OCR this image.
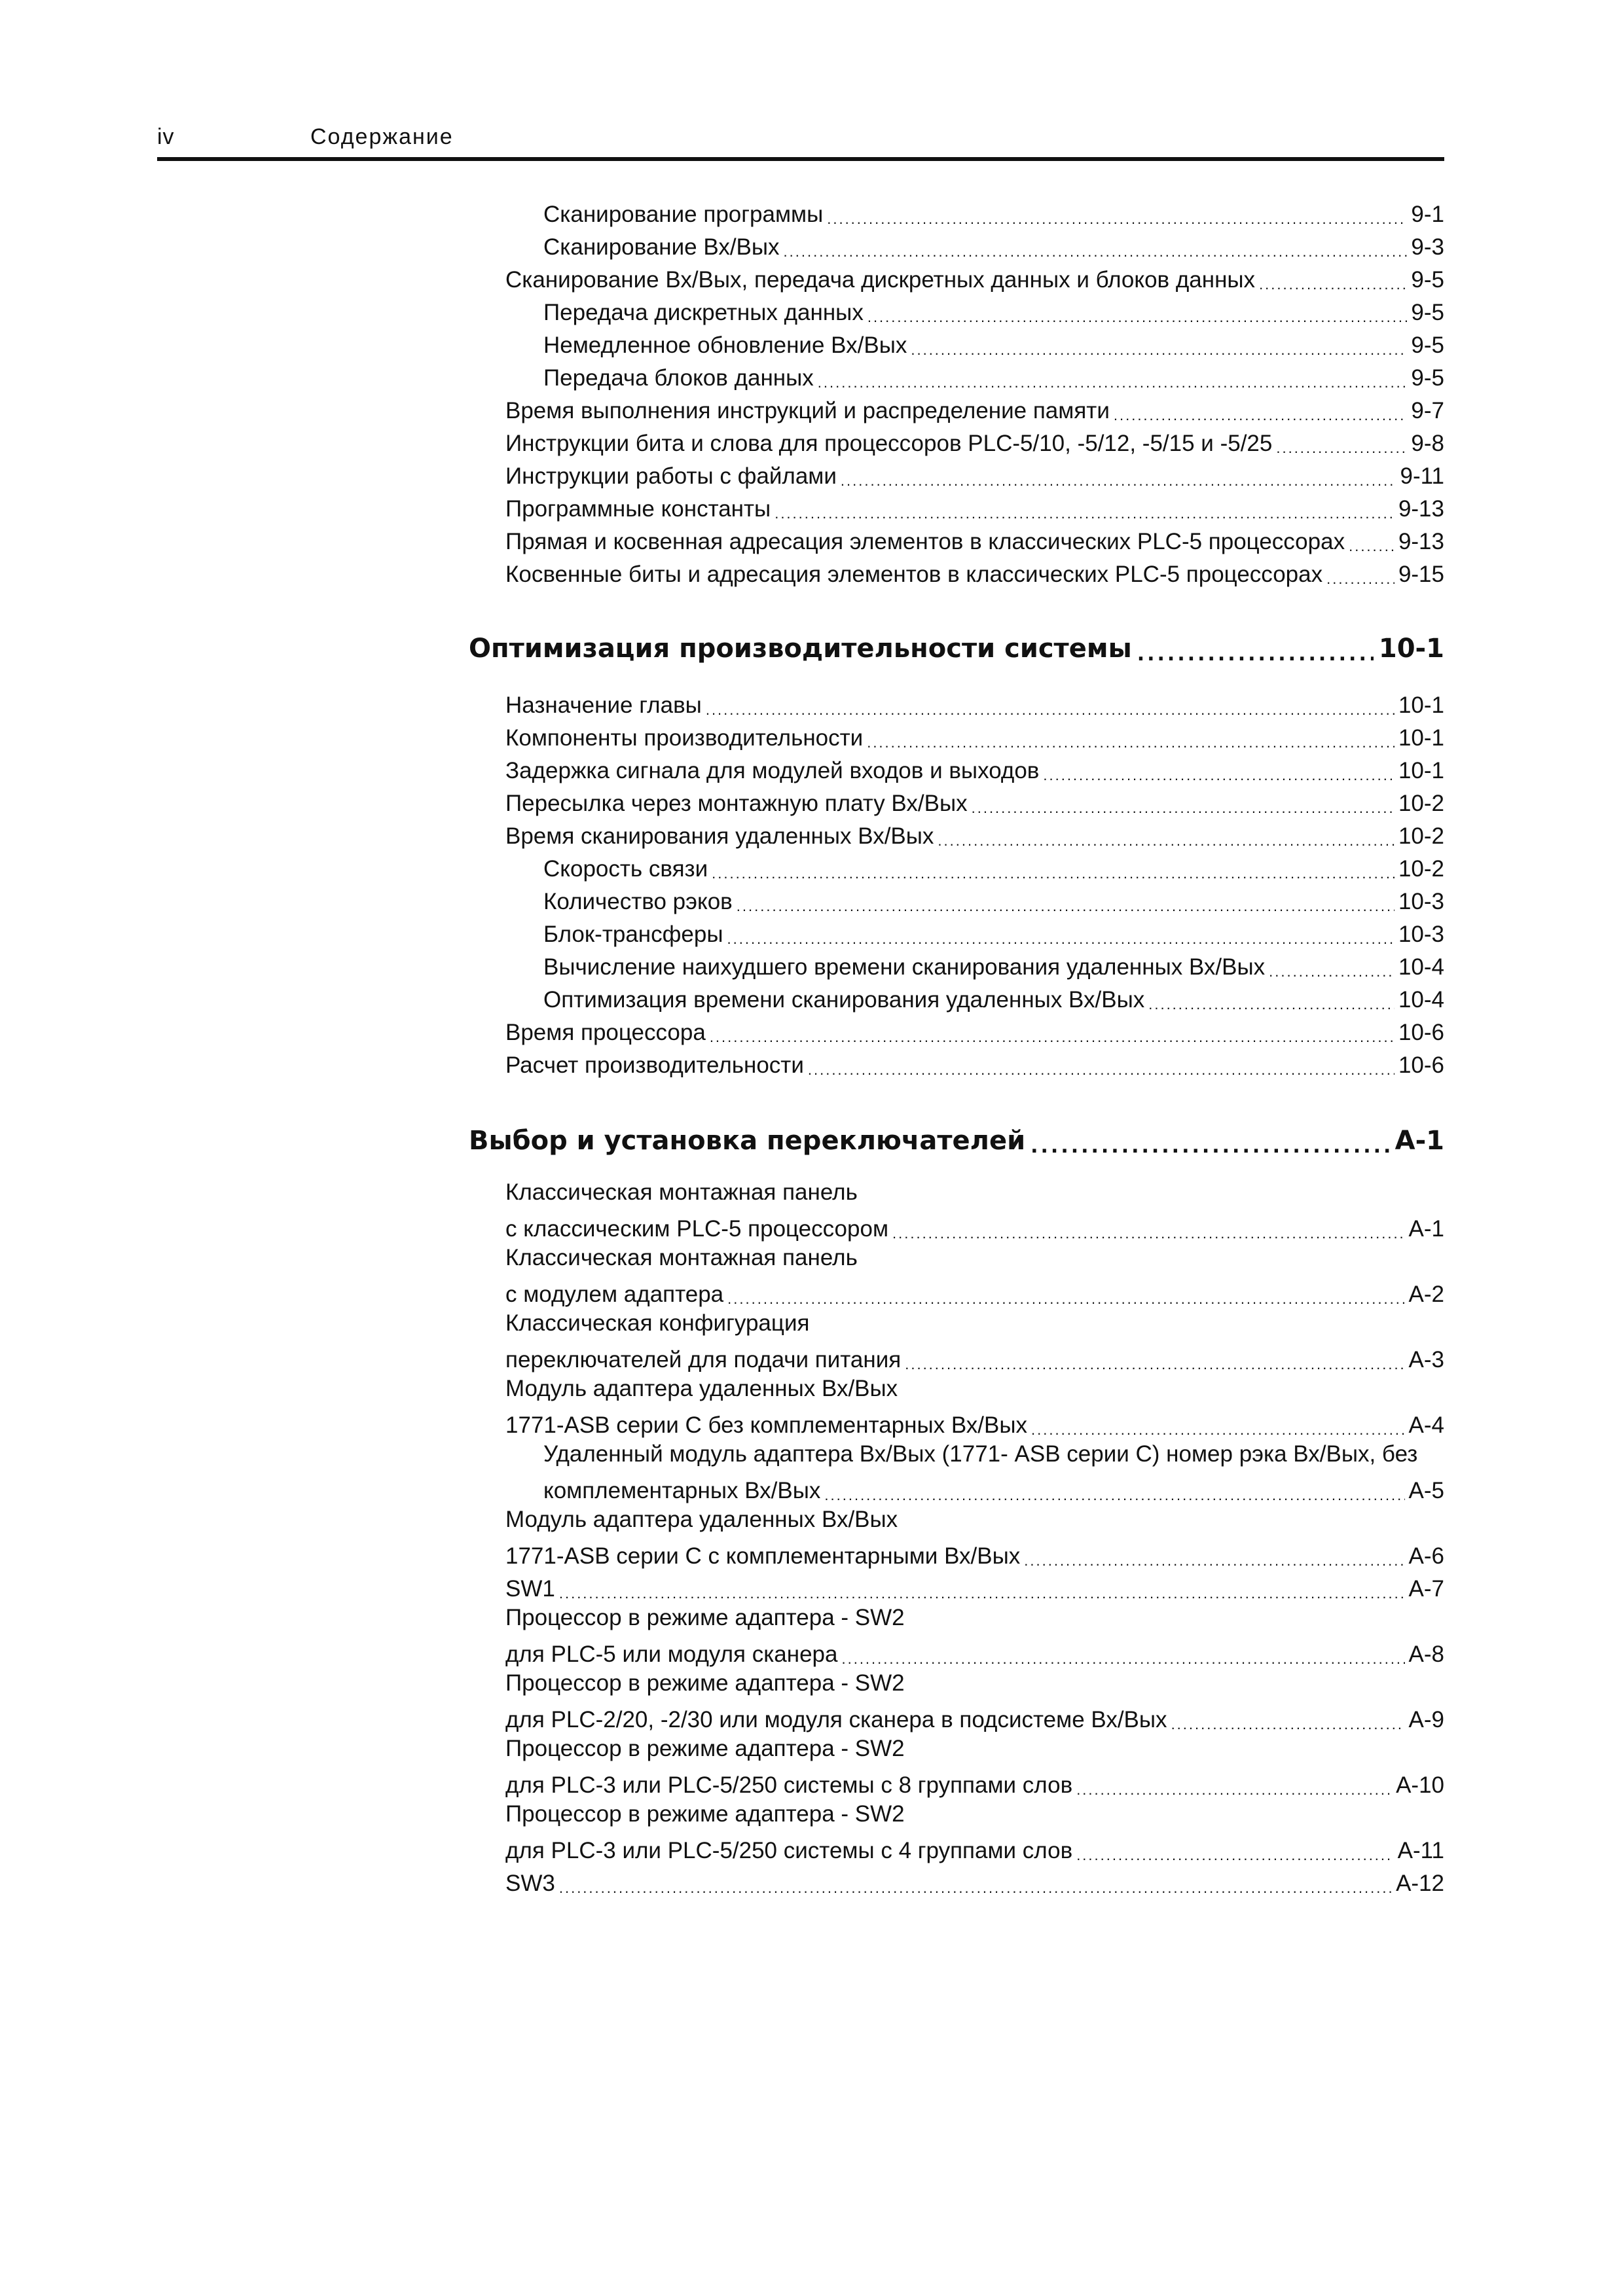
iv	Содержание
Сканирование программы .....	9-1
Сканирование Вх/Вых .....	9-3
Сканирование Вх/Вых, передача дискретных данных и блоков данных .....	9-5
Передача дискретных данных .....	9-5
Немедленное обновление Вх/Вых .....	9-5
Передача блоков данных .....	9-5
Время выполнения инструкций и распределение памяти .....	9-7
Инструкции бита и слова для процессоров PLC-5/10, -5/12, -5/15 и -5/25 .....	9-8
Инструкции работы с файлами .....	9-11
Программные константы .....	9-13
Прямая и косвенная адресация элементов в классических PLC-5 процессорах ..... 9-13
Косвенные биты и адресация элементов в классических PLC-5 процессорах .....	9-15
Оптимизация производительности системы .....	10-1
Назначение главы .....	10-1
Компоненты производительности .....	10-1
Задержка сигнала для модулей входов и выходов .....	10-1
Пересылка через монтажную плату Вх/Вых .....	10-2
Время сканирования удаленных Вх/Вых .....	10-2
Скорость связи .....	10-2
Количество рэков .....	10-3
Блок-трансферы .....	10-3
Вычисление наихудшего времени сканирования удаленных Вх/Вых .....	10-4
Оптимизация времени сканирования удаленных Вх/Вых .....	10-4
Время процессора .....	10-6
Расчет производительности .....	10-6
Выбор и установка переключателей .....	A-1
Классическая монтажная панель
с классическим PLC-5 процессором .....	A-1
Классическая монтажная панель
с модулем адаптера .....	A-2
Классическая конфигурация
переключателей для подачи питания .....	A-3
Модуль адаптера удаленных Вх/Вых
1771-ASB серии С без комплементарных Вх/Вых .....	A-4
Удаленный модуль адаптера Вх/Вых (1771- ASB серии С) номер рэка Вх/Вых, без
комплементарных Вх/Вых .....	A-5
Модуль адаптера удаленных Вх/Вых
1771-ASB серии С с комплементарными Вх/Вых .....	A-6
SW1 .....	A-7
Процессор в режиме адаптера - SW2
для PLC-5 или модуля сканера .....	A-8
Процессор в режиме адаптера - SW2
для PLC-2/20, -2/30 или модуля сканера в подсистеме Вх/Вых .....	A-9
Процессор в режиме адаптера - SW2
для PLC-3 или PLC-5/250 системы с 8 группами слов .....	A-10
Процессор в режиме адаптера - SW2
для PLC-3 или PLC-5/250 системы с 4 группами слов .....	A-11
SW3 .....	A-12
